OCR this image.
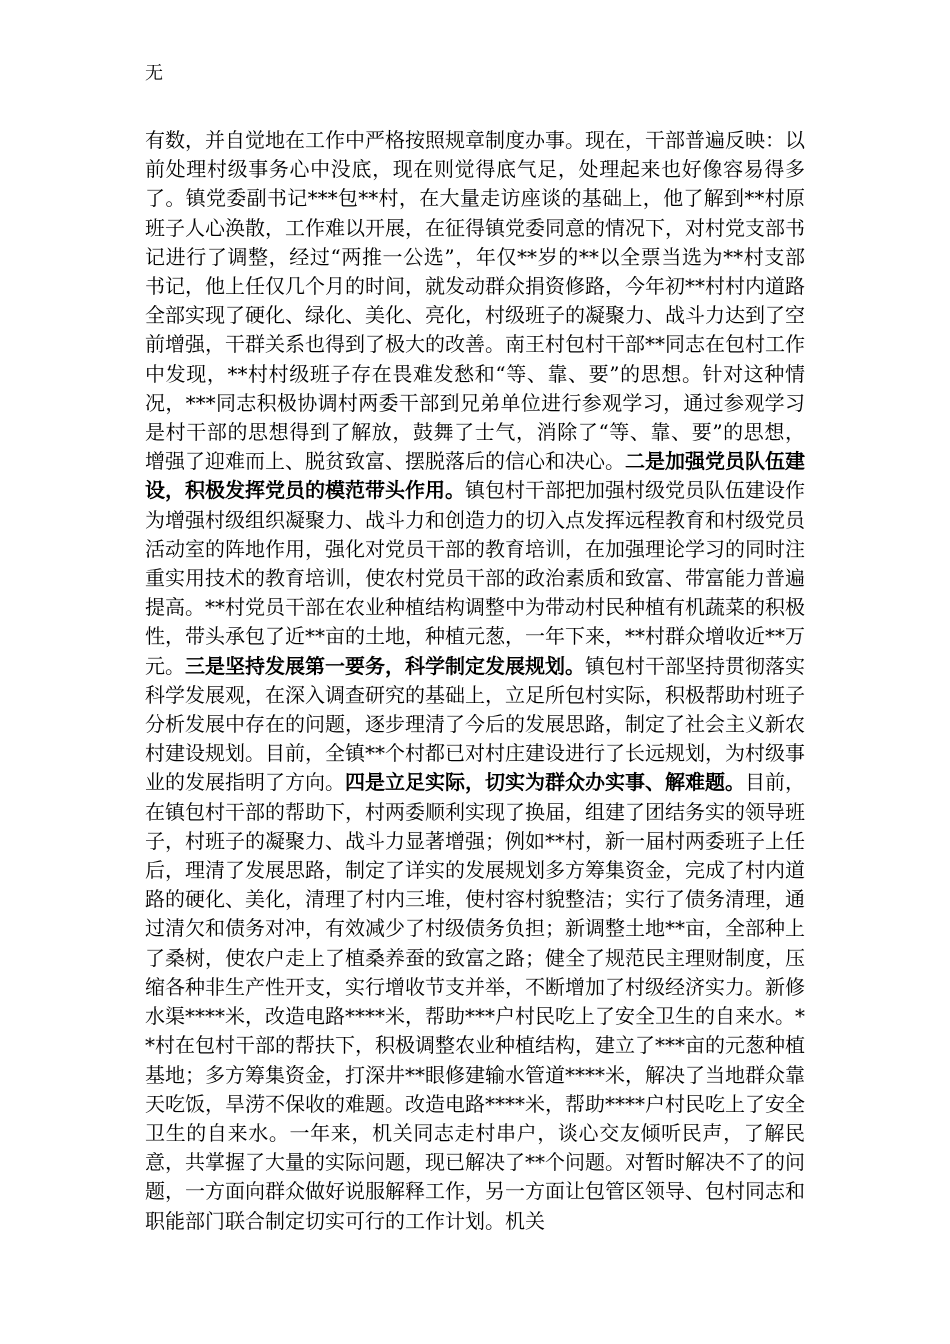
无
有数，并自觉地在工作中严格按照规章制度办事。现在，干部普遍反映：以前处理村级事务心中没底，现在则觉得底气足，处理起来也好像容易得多了。镇党委副书记***包**村，在大量走访座谈的基础上，他了解到**村原班子人心涣散，工作难以开展，在征得镇党委同意的情况下，对村党支部书记进行了调整，经过“两推一公选”，年仅**岁的**以全票当选为**村支部书记，他上任仅几个月的时间，就发动群众捐资修路，今年初**村村内道路全部实现了硬化、绿化、美化、亮化，村级班子的凝聚力、战斗力达到了空前增强，干群关系也得到了极大的改善。南王村包村干部**同志在包村工作中发现，**村村级班子存在畏难发愁和“等、靠、要”的思想。针对这种情况，***同志积极协调村两委干部到兄弟单位进行参观学习，通过参观学习是村干部的思想得到了解放，鼓舞了士气，消除了“等、靠、要”的思想，增强了迎难而上、脱贫致富、摆脱落后的信心和决心。二是加强党员队伍建设，积极发挥党员的模范带头作用。镇包村干部把加强村级党员队伍建设作为增强村级组织凝聚力、战斗力和创造力的切入点发挥远程教育和村级党员活动室的阵地作用，强化对党员干部的教育培训，在加强理论学习的同时注重实用技术的教育培训，使农村党员干部的政治素质和致富、带富能力普遍提高。**村党员干部在农业种植结构调整中为带动村民种植有机蔬菜的积极性，带头承包了近**亩的土地，种植元葱，一年下来，**村群众增收近**万元。三是坚持发展第一要务，科学制定发展规划。镇包村干部坚持贯彻落实科学发展观，在深入调查研究的基础上，立足所包村实际，积极帮助村班子分析发展中存在的问题，逐步理清了今后的发展思路，制定了社会主义新农村建设规划。目前，全镇**个村都已对村庄建设进行了长远规划，为村级事业的发展指明了方向。四是立足实际，切实为群众办实事、解难题。目前，在镇包村干部的帮助下，村两委顺利实现了换届，组建了团结务实的领导班子，村班子的凝聚力、战斗力显著增强；例如**村，新一届村两委班子上任后，理清了发展思路，制定了详实的发展规划多方筹集资金，完成了村内道路的硬化、美化，清理了村内三堆，使村容村貌整洁；实行了债务清理，通过清欠和债务对冲，有效减少了村级债务负担；新调整土地**亩，全部种上了桑树，使农户走上了植桑养蚕的致富之路；健全了规范民主理财制度，压缩各种非生产性开支，实行增收节支并举，不断增加了村级经济实力。新修水渠****米，改造电路****米，帮助***户村民吃上了安全卫生的自来水。**村在包村干部的帮扶下，积极调整农业种植结构，建立了***亩的元葱种植基地；多方筹集资金，打深井**眼修建输水管道****米，解决了当地群众靠天吃饭，旱涝不保收的难题。改造电路****米，帮助****户村民吃上了安全卫生的自来水。一年来，机关同志走村串户，谈心交友倾听民声，了解民意，共掌握了大量的实际问题，现已解决了**个问题。对暂时解决不了的问题，一方面向群众做好说服解释工作，另一方面让包管区领导、包村同志和职能部门联合制定切实可行的工作计划。机关
